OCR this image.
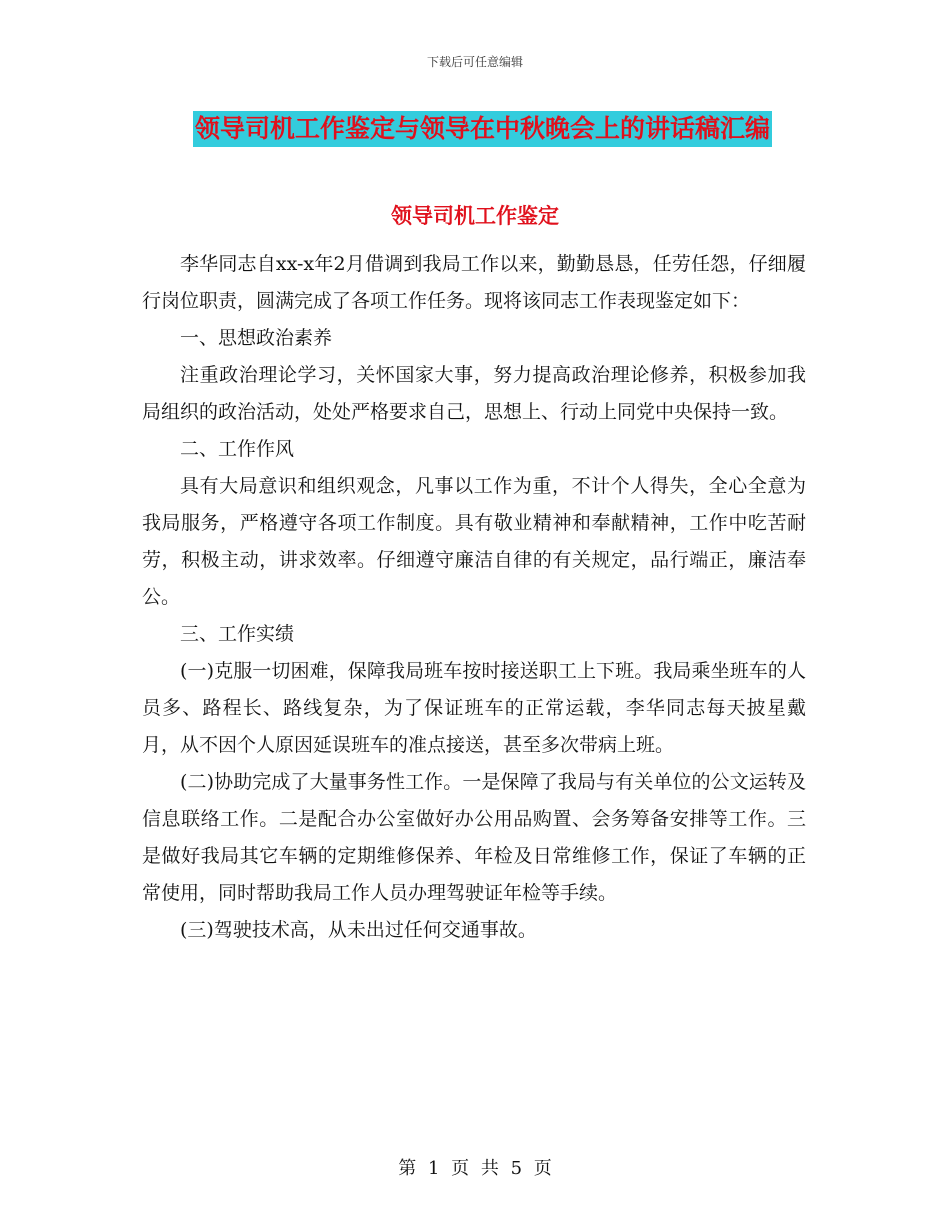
下载后可任意编辑
领导司机工作鉴定与领导在中秋晚会上的讲话稿汇编
领导司机工作鉴定

李华同志自xx-x年2月借调到我局工作以来，勤勤恳恳，任劳任怨，仔细履行岗位职责，圆满完成了各项工作任务。现将该同志工作表现鉴定如下：

一、思想政治素养

注重政治理论学习，关怀国家大事，努力提高政治理论修养，积极参加我局组织的政治活动，处处严格要求自己，思想上、行动上同党中央保持一致。

二、工作作风

具有大局意识和组织观念，凡事以工作为重，不计个人得失，全心全意为我局服务，严格遵守各项工作制度。具有敬业精神和奉献精神，工作中吃苦耐劳，积极主动，讲求效率。仔细遵守廉洁自律的有关规定，品行端正，廉洁奉公。

三、工作实绩

(一)克服一切困难，保障我局班车按时接送职工上下班。我局乘坐班车的人员多、路程长、路线复杂，为了保证班车的正常运载，李华同志每天披星戴月，从不因个人原因延误班车的准点接送，甚至多次带病上班。

(二)协助完成了大量事务性工作。一是保障了我局与有关单位的公文运转及信息联络工作。二是配合办公室做好办公用品购置、会务筹备安排等工作。三是做好我局其它车辆的定期维修保养、年检及日常维修工作，保证了车辆的正常使用，同时帮助我局工作人员办理驾驶证年检等手续。

(三)驾驶技术高，从未出过任何交通事故。

第 1 页 共 5 页
